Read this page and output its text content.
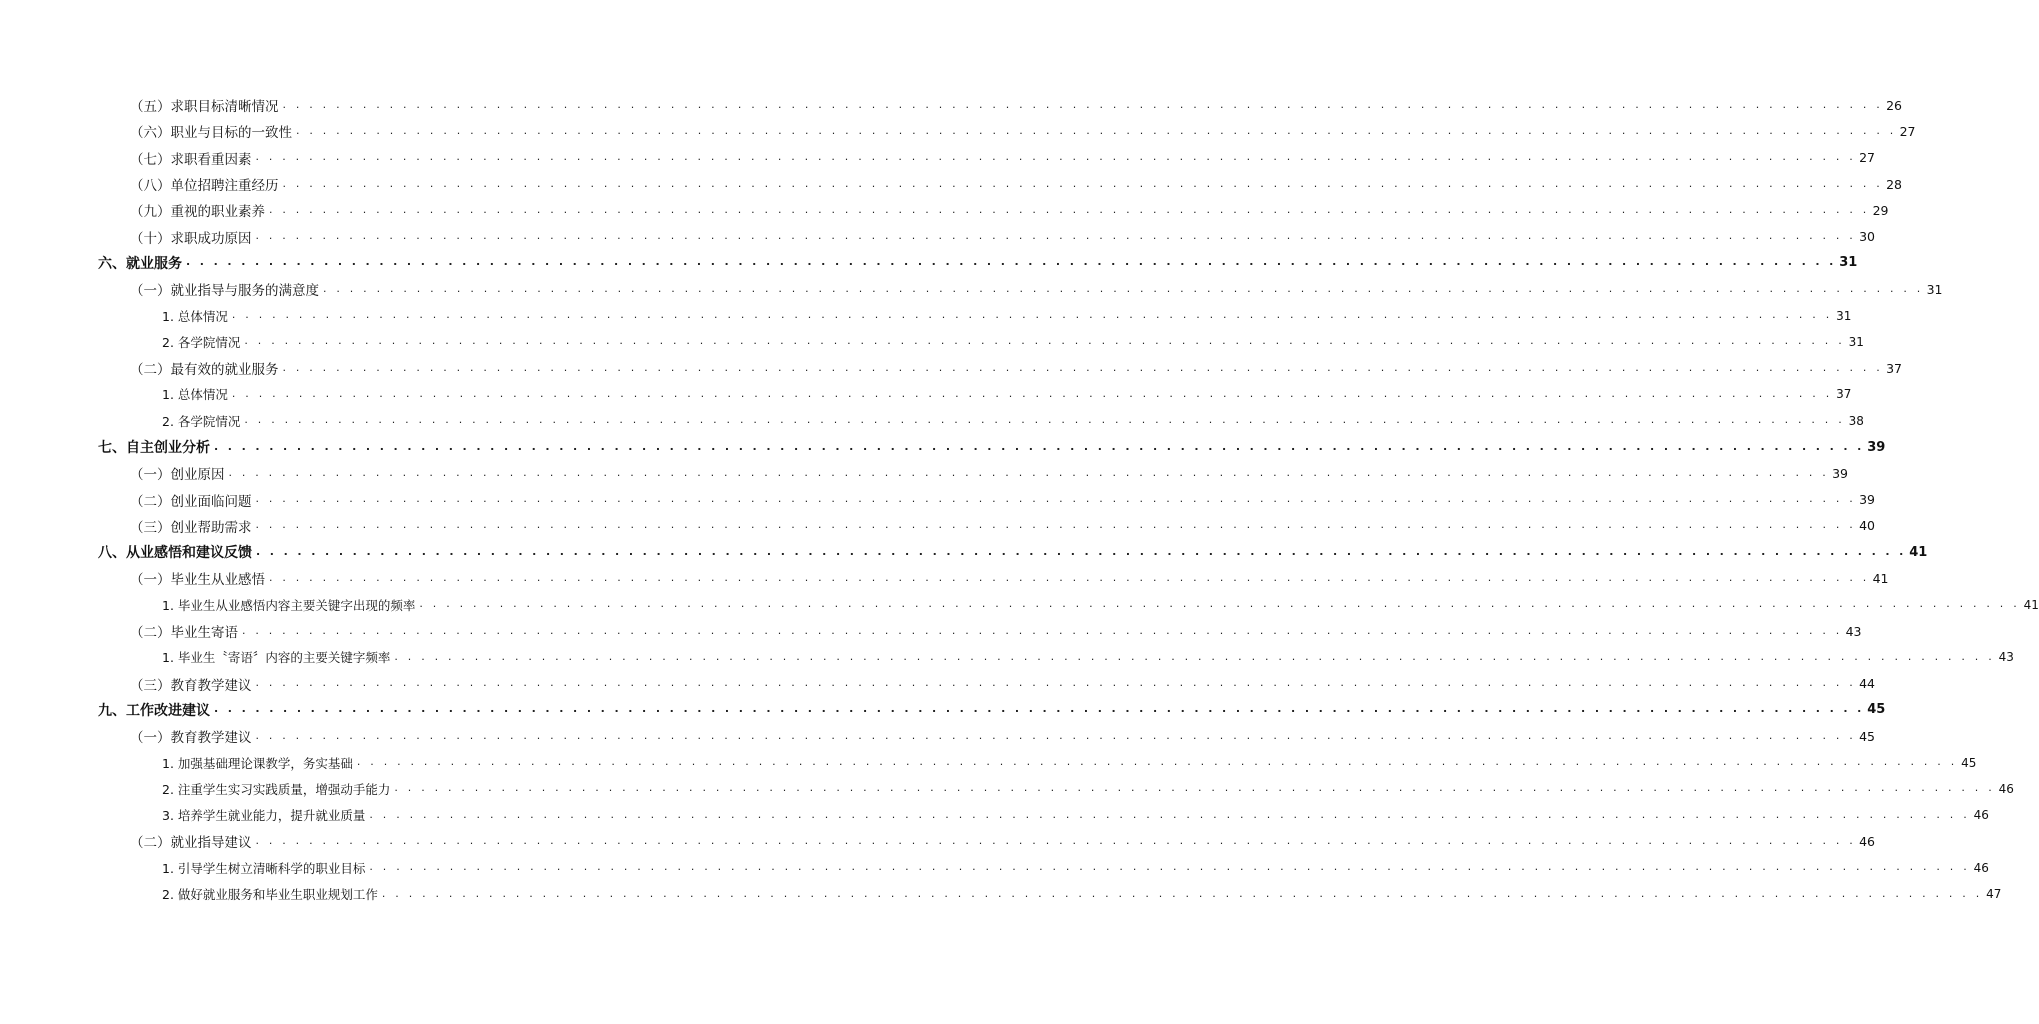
（五）求职目标清晰情况 . . . . . . . . . . . . . . . . . . . . . . . . . . . . . . . . . . . . . . . . . . . . . . . . . . . . . . . . . . . . . . . . . . . . . . . . . . . . . . . . . . . . . . . . . . . . . . . . . . . . . . . . . . . . . . . . . . . . . . . . 26
（六）职业与目标的一致性 . . . . . . . . . . . . . . . . . . . . . . . . . . . . . . . . . . . . . . . . . . . . . . . . . . . . . . . . . . . . . . . . . . . . . . . . . . . . . . . . . . . . . . . . . . . . . . . . . . . . . . . . . . . . . . . . . . . . . . . . 27
（七）求职看重因素 . . . . . . . . . . . . . . . . . . . . . . . . . . . . . . . . . . . . . . . . . . . . . . . . . . . . . . . . . . . . . . . . . . . . . . . . . . . . . . . . . . . . . . . . . . . . . . . . . . . . . . . . . . . . . . . . . . . . . . . . 27
（八）单位招聘注重经历 . . . . . . . . . . . . . . . . . . . . . . . . . . . . . . . . . . . . . . . . . . . . . . . . . . . . . . . . . . . . . . . . . . . . . . . . . . . . . . . . . . . . . . . . . . . . . . . . . . . . . . . . . . . . . . . . . . . . . . . . 28
（九）重视的职业素养 . . . . . . . . . . . . . . . . . . . . . . . . . . . . . . . . . . . . . . . . . . . . . . . . . . . . . . . . . . . . . . . . . . . . . . . . . . . . . . . . . . . . . . . . . . . . . . . . . . . . . . . . . . . . . . . . . . . . . . . . 29
（十）求职成功原因 . . . . . . . . . . . . . . . . . . . . . . . . . . . . . . . . . . . . . . . . . . . . . . . . . . . . . . . . . . . . . . . . . . . . . . . . . . . . . . . . . . . . . . . . . . . . . . . . . . . . . . . . . . . . . . . . . . . . . . . . 30
六、就业服务 . . . . . . . . . . . . . . . . . . . . . . . . . . . . . . . . . . . . . . . . . . . . . . . . . . . . . . . . . . . . . . . . . . . . . . . . . . . . . . . . . . . . . . . . . . . . . . . . . . . . . . . . . . . . . . . . . . . . . . . . 31
（一）就业指导与服务的满意度 . . . . . . . . . . . . . . . . . . . . . . . . . . . . . . . . . . . . . . . . . . . . . . . . . . . . . . . . . . . . . . . . . . . . . . . . . . . . . . . . . . . . . . . . . . . . . . . . . . . . . . . . . . . . . . . . . . . . . . . . 31
1. 总体情况 . . . . . . . . . . . . . . . . . . . . . . . . . . . . . . . . . . . . . . . . . . . . . . . . . . . . . . . . . . . . . . . . . . . . . . . . . . . . . . . . . . . . . . . . . . . . . . . . . . . . . . . . . . . . . . . . . . . . . . . . 31
2. 各学院情况 . . . . . . . . . . . . . . . . . . . . . . . . . . . . . . . . . . . . . . . . . . . . . . . . . . . . . . . . . . . . . . . . . . . . . . . . . . . . . . . . . . . . . . . . . . . . . . . . . . . . . . . . . . . . . . . . . . . . . . . . 31
（二）最有效的就业服务 . . . . . . . . . . . . . . . . . . . . . . . . . . . . . . . . . . . . . . . . . . . . . . . . . . . . . . . . . . . . . . . . . . . . . . . . . . . . . . . . . . . . . . . . . . . . . . . . . . . . . . . . . . . . . . . . . . . . . . . . 37
1. 总体情况 . . . . . . . . . . . . . . . . . . . . . . . . . . . . . . . . . . . . . . . . . . . . . . . . . . . . . . . . . . . . . . . . . . . . . . . . . . . . . . . . . . . . . . . . . . . . . . . . . . . . . . . . . . . . . . . . . . . . . . . . 37
2. 各学院情况 . . . . . . . . . . . . . . . . . . . . . . . . . . . . . . . . . . . . . . . . . . . . . . . . . . . . . . . . . . . . . . . . . . . . . . . . . . . . . . . . . . . . . . . . . . . . . . . . . . . . . . . . . . . . . . . . . . . . . . . . 38
七、自主创业分析 . . . . . . . . . . . . . . . . . . . . . . . . . . . . . . . . . . . . . . . . . . . . . . . . . . . . . . . . . . . . . . . . . . . . . . . . . . . . . . . . . . . . . . . . . . . . . . . . . . . . . . . . . . . . . . . . . . . . . . . . 39
（一）创业原因 . . . . . . . . . . . . . . . . . . . . . . . . . . . . . . . . . . . . . . . . . . . . . . . . . . . . . . . . . . . . . . . . . . . . . . . . . . . . . . . . . . . . . . . . . . . . . . . . . . . . . . . . . . . . . . . . . . . . . . . . 39
（二）创业面临问题 . . . . . . . . . . . . . . . . . . . . . . . . . . . . . . . . . . . . . . . . . . . . . . . . . . . . . . . . . . . . . . . . . . . . . . . . . . . . . . . . . . . . . . . . . . . . . . . . . . . . . . . . . . . . . . . . . . . . . . . . 39
（三）创业帮助需求 . . . . . . . . . . . . . . . . . . . . . . . . . . . . . . . . . . . . . . . . . . . . . . . . . . . . . . . . . . . . . . . . . . . . . . . . . . . . . . . . . . . . . . . . . . . . . . . . . . . . . . . . . . . . . . . . . . . . . . . . 40
八、从业感悟和建议反馈 . . . . . . . . . . . . . . . . . . . . . . . . . . . . . . . . . . . . . . . . . . . . . . . . . . . . . . . . . . . . . . . . . . . . . . . . . . . . . . . . . . . . . . . . . . . . . . . . . . . . . . . . . . . . . . . . . . . . . . . . 41
（一）毕业生从业感悟 . . . . . . . . . . . . . . . . . . . . . . . . . . . . . . . . . . . . . . . . . . . . . . . . . . . . . . . . . . . . . . . . . . . . . . . . . . . . . . . . . . . . . . . . . . . . . . . . . . . . . . . . . . . . . . . . . . . . . . . . 41
1. 毕业生从业感悟内容主要关键字出现的频率 . . . . . . . . . . . . . . . . . . . . . . . . . . . . . . . . . . . . . . . . . . . . . . . . . . . . . . . . . . . . . . . . . . . . . . . . . . . . . . . . . . . . . . . . . . . . . . . . . . . . . . . . . . . . . . . . . . . . . . . . 41
（二）毕业生寄语 . . . . . . . . . . . . . . . . . . . . . . . . . . . . . . . . . . . . . . . . . . . . . . . . . . . . . . . . . . . . . . . . . . . . . . . . . . . . . . . . . . . . . . . . . . . . . . . . . . . . . . . . . . . . . . . . . . . . . . . . 43
1. 毕业生〝寄语〞内容的主要关键字频率 . . . . . . . . . . . . . . . . . . . . . . . . . . . . . . . . . . . . . . . . . . . . . . . . . . . . . . . . . . . . . . . . . . . . . . . . . . . . . . . . . . . . . . . . . . . . . . . . . . . . . . . . . . . . . . . . . . . . . . . . 43
（三）教育教学建议 . . . . . . . . . . . . . . . . . . . . . . . . . . . . . . . . . . . . . . . . . . . . . . . . . . . . . . . . . . . . . . . . . . . . . . . . . . . . . . . . . . . . . . . . . . . . . . . . . . . . . . . . . . . . . . . . . . . . . . . . 44
九、工作改进建议 . . . . . . . . . . . . . . . . . . . . . . . . . . . . . . . . . . . . . . . . . . . . . . . . . . . . . . . . . . . . . . . . . . . . . . . . . . . . . . . . . . . . . . . . . . . . . . . . . . . . . . . . . . . . . . . . . . . . . . . . 45
（一）教育教学建议 . . . . . . . . . . . . . . . . . . . . . . . . . . . . . . . . . . . . . . . . . . . . . . . . . . . . . . . . . . . . . . . . . . . . . . . . . . . . . . . . . . . . . . . . . . . . . . . . . . . . . . . . . . . . . . . . . . . . . . . . 45
1. 加强基础理论课教学，务实基础 . . . . . . . . . . . . . . . . . . . . . . . . . . . . . . . . . . . . . . . . . . . . . . . . . . . . . . . . . . . . . . . . . . . . . . . . . . . . . . . . . . . . . . . . . . . . . . . . . . . . . . . . . . . . . . . . . . . . . . . . 45
2. 注重学生实习实践质量，增强动手能力 . . . . . . . . . . . . . . . . . . . . . . . . . . . . . . . . . . . . . . . . . . . . . . . . . . . . . . . . . . . . . . . . . . . . . . . . . . . . . . . . . . . . . . . . . . . . . . . . . . . . . . . . . . . . . . . . . . . . . . . . 46
3. 培养学生就业能力，提升就业质量 . . . . . . . . . . . . . . . . . . . . . . . . . . . . . . . . . . . . . . . . . . . . . . . . . . . . . . . . . . . . . . . . . . . . . . . . . . . . . . . . . . . . . . . . . . . . . . . . . . . . . . . . . . . . . . . . . . . . . . . . 46
（二）就业指导建议 . . . . . . . . . . . . . . . . . . . . . . . . . . . . . . . . . . . . . . . . . . . . . . . . . . . . . . . . . . . . . . . . . . . . . . . . . . . . . . . . . . . . . . . . . . . . . . . . . . . . . . . . . . . . . . . . . . . . . . . . 46
1. 引导学生树立清晰科学的职业目标 . . . . . . . . . . . . . . . . . . . . . . . . . . . . . . . . . . . . . . . . . . . . . . . . . . . . . . . . . . . . . . . . . . . . . . . . . . . . . . . . . . . . . . . . . . . . . . . . . . . . . . . . . . . . . . . . . . . . . . . . 46
2. 做好就业服务和毕业生职业规划工作 . . . . . . . . . . . . . . . . . . . . . . . . . . . . . . . . . . . . . . . . . . . . . . . . . . . . . . . . . . . . . . . . . . . . . . . . . . . . . . . . . . . . . . . . . . . . . . . . . . . . . . . . . . . . . . . . . . . . . . . . 47
